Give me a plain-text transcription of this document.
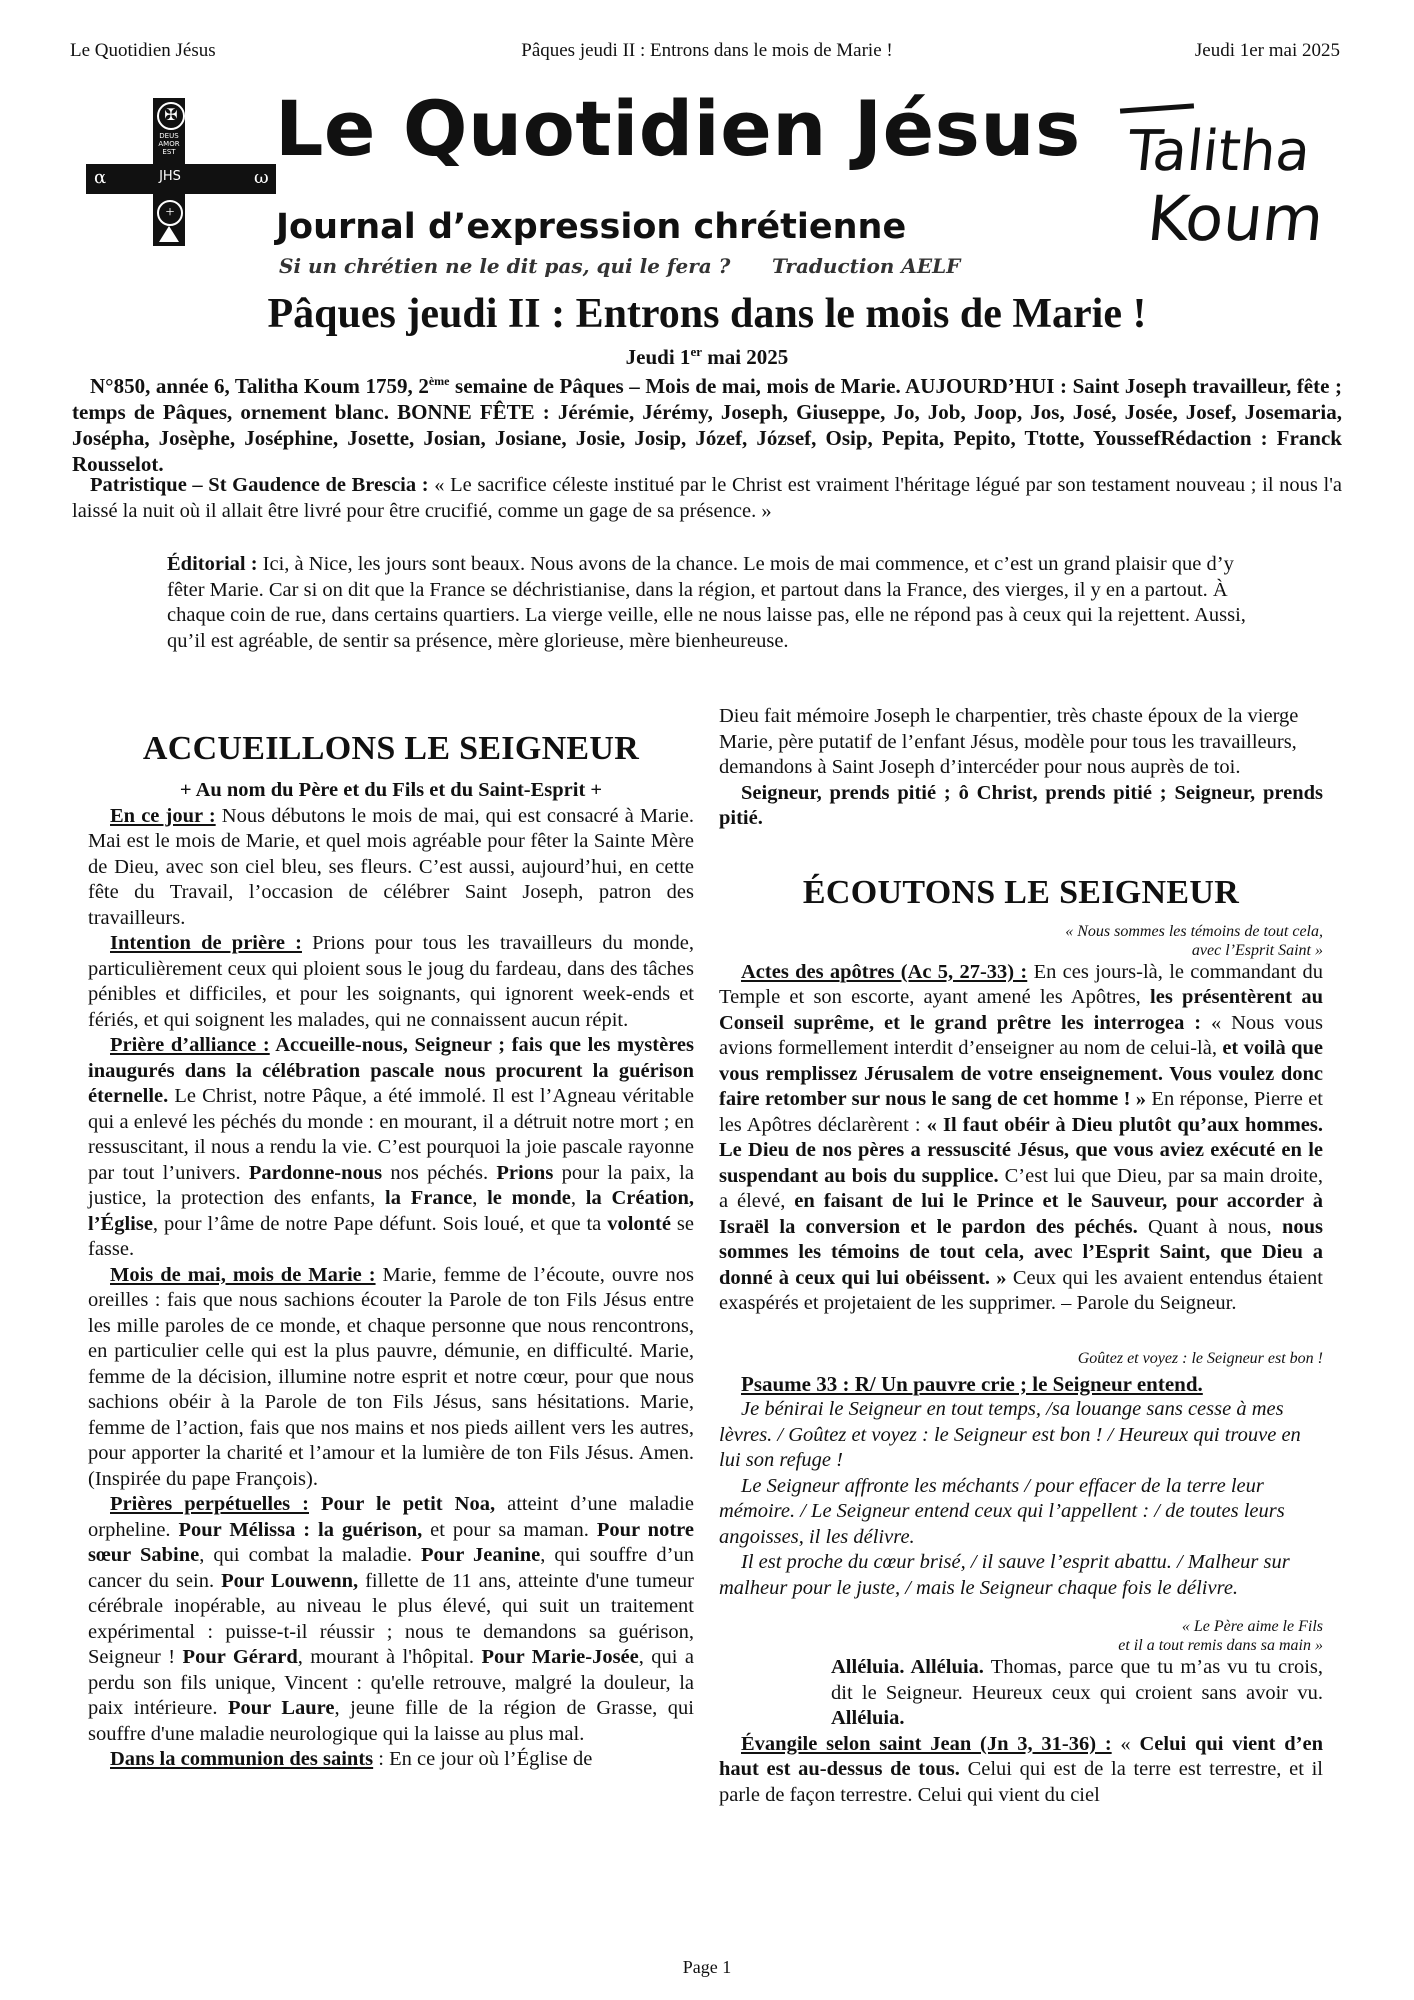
Le Quotidien Jésus	Pâques jeudi II : Entrons dans le mois de Marie !	Jeudi 1er mai 2025
✠
DEUS AMOR EST
α	JHS	ω
+
Le Quotidien Jésus
Journal d’expression chrétienne
Si un chrétien ne le dit pas, qui le fera ? Traduction AELF
Talitha
Koum
Pâques jeudi II : Entrons dans le mois de Marie !
Jeudi 1er mai 2025
N°850, année 6, Talitha Koum 1759, 2ème semaine de Pâques – Mois de mai, mois de Marie. AUJOURD’HUI : Saint Joseph travailleur, fête ; temps de Pâques, ornement blanc. BONNE FÊTE : Jérémie, Jérémy, Joseph, Giuseppe, Jo, Job, Joop, Jos, José, Josée, Josef, Josemaria, Josépha, Josèphe, Joséphine, Josette, Josian, Josiane, Josie, Josip, Józef, József, Osip, Pepita, Pepito, Ttotte, YoussefRédaction : Franck Rousselot.
Patristique – St Gaudence de Brescia : « Le sacrifice céleste institué par le Christ est vraiment l'héritage légué par son testament nouveau ; il nous l'a laissé la nuit où il allait être livré pour être crucifié, comme un gage de sa présence. »
Éditorial : Ici, à Nice, les jours sont beaux. Nous avons de la chance. Le mois de mai commence, et c’est un grand plaisir que d’y fêter Marie. Car si on dit que la France se déchristianise, dans la région, et partout dans la France, des vierges, il y en a partout. À chaque coin de rue, dans certains quartiers. La vierge veille, elle ne nous laisse pas, elle ne répond pas à ceux qui la rejettent. Aussi, qu’il est agréable, de sentir sa présence, mère glorieuse, mère bienheureuse.
ACCUEILLONS LE SEIGNEUR
+ Au nom du Père et du Fils et du Saint-Esprit +

En ce jour : Nous débutons le mois de mai, qui est consacré à Marie. Mai est le mois de Marie, et quel mois agréable pour fêter la Sainte Mère de Dieu, avec son ciel bleu, ses fleurs. C’est aussi, aujourd’hui, en cette fête du Travail, l’occasion de célébrer Saint Joseph, patron des travailleurs.

Intention de prière : Prions pour tous les travailleurs du monde, particulièrement ceux qui ploient sous le joug du fardeau, dans des tâches pénibles et difficiles, et pour les soignants, qui ignorent week-ends et fériés, et qui soignent les malades, qui ne connaissent aucun répit.

Prière d’alliance : Accueille-nous, Seigneur ; fais que les mystères inaugurés dans la célébration pascale nous procurent la guérison éternelle. Le Christ, notre Pâque, a été immolé. Il est l’Agneau véritable qui a enlevé les péchés du monde : en mourant, il a détruit notre mort ; en ressuscitant, il nous a rendu la vie. C’est pourquoi la joie pascale rayonne par tout l’univers. Pardonne-nous nos péchés. Prions pour la paix, la justice, la protection des enfants, la France, le monde, la Création, l’Église, pour l’âme de notre Pape défunt. Sois loué, et que ta volonté se fasse.

Mois de mai, mois de Marie : Marie, femme de l’écoute, ouvre nos oreilles : fais que nous sachions écouter la Parole de ton Fils Jésus entre les mille paroles de ce monde, et chaque personne que nous rencontrons, en particulier celle qui est la plus pauvre, démunie, en difficulté. Marie, femme de la décision, illumine notre esprit et notre cœur, pour que nous sachions obéir à la Parole de ton Fils Jésus, sans hésitations. Marie, femme de l’action, fais que nos mains et nos pieds aillent vers les autres, pour apporter la charité et l’amour et la lumière de ton Fils Jésus. Amen. (Inspirée du pape François).

Prières perpétuelles : Pour le petit Noa, atteint d’une maladie orpheline. Pour Mélissa : la guérison, et pour sa maman. Pour notre sœur Sabine, qui combat la maladie. Pour Jeanine, qui souffre d’un cancer du sein. Pour Louwenn, fillette de 11 ans, atteinte d'une tumeur cérébrale inopérable, au niveau le plus élevé, qui suit un traitement expérimental : puisse-t-il réussir ; nous te demandons sa guérison, Seigneur ! Pour Gérard, mourant à l'hôpital. Pour Marie-Josée, qui a perdu son fils unique, Vincent : qu'elle retrouve, malgré la douleur, la paix intérieure. Pour Laure, jeune fille de la région de Grasse, qui souffre d'une maladie neurologique qui la laisse au plus mal.

Dans la communion des saints : En ce jour où l’Église de

Dieu fait mémoire Joseph le charpentier, très chaste époux de la vierge Marie, père putatif de l’enfant Jésus, modèle pour tous les travailleurs, demandons à Saint Joseph d’intercéder pour nous auprès de toi.

Seigneur, prends pitié ; ô Christ, prends pitié ; Seigneur, prends pitié.

ÉCOUTONS LE SEIGNEUR
« Nous sommes les témoins de tout cela,
avec l’Esprit Saint »

Actes des apôtres (Ac 5, 27-33) : En ces jours-là, le commandant du Temple et son escorte, ayant amené les Apôtres, les présentèrent au Conseil suprême, et le grand prêtre les interrogea : « Nous vous avions formellement interdit d’enseigner au nom de celui-là, et voilà que vous remplissez Jérusalem de votre enseignement. Vous voulez donc faire retomber sur nous le sang de cet homme ! » En réponse, Pierre et les Apôtres déclarèrent : « Il faut obéir à Dieu plutôt qu’aux hommes. Le Dieu de nos pères a ressuscité Jésus, que vous aviez exécuté en le suspendant au bois du supplice. C’est lui que Dieu, par sa main droite, a élevé, en faisant de lui le Prince et le Sauveur, pour accorder à Israël la conversion et le pardon des péchés. Quant à nous, nous sommes les témoins de tout cela, avec l’Esprit Saint, que Dieu a donné à ceux qui lui obéissent. » Ceux qui les avaient entendus étaient exaspérés et projetaient de les supprimer. – Parole du Seigneur.

Goûtez et voyez : le Seigneur est bon !

Psaume 33 : R/ Un pauvre crie ; le Seigneur entend.

Je bénirai le Seigneur en tout temps, /sa louange sans cesse à mes lèvres. / Goûtez et voyez : le Seigneur est bon ! / Heureux qui trouve en lui son refuge !

Le Seigneur affronte les méchants / pour effacer de la terre leur mémoire. / Le Seigneur entend ceux qui l’appellent : / de toutes leurs angoisses, il les délivre.

Il est proche du cœur brisé, / il sauve l’esprit abattu. / Malheur sur malheur pour le juste, / mais le Seigneur chaque fois le délivre.

« Le Père aime le Fils
et il a tout remis dans sa main »

Alléluia. Alléluia. Thomas, parce que tu m’as vu tu crois, dit le Seigneur. Heureux ceux qui croient sans avoir vu. Alléluia.

Évangile selon saint Jean (Jn 3, 31-36) : « Celui qui vient d’en haut est au-dessus de tous. Celui qui est de la terre est terrestre, et il parle de façon terrestre. Celui qui vient du ciel

Page 1
